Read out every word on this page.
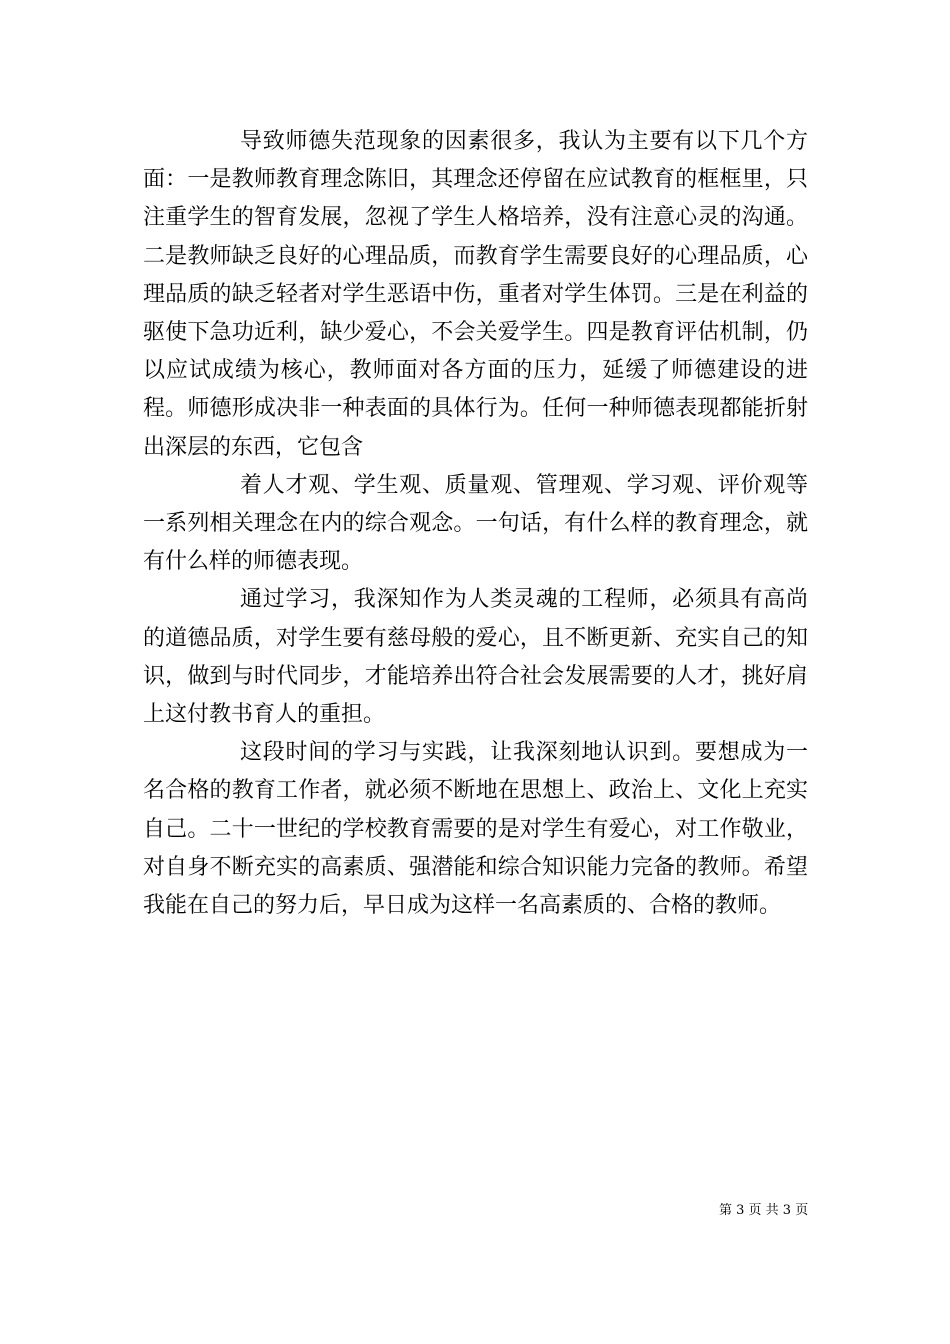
导致师德失范现象的因素很多，我认为主要有以下几个方面：一是教师教育理念陈旧，其理念还停留在应试教育的框框里，只注重学生的智育发展，忽视了学生人格培养，没有注意心灵的沟通。二是教师缺乏良好的心理品质，而教育学生需要良好的心理品质，心理品质的缺乏轻者对学生恶语中伤，重者对学生体罚。三是在利益的驱使下急功近利，缺少爱心，不会关爱学生。四是教育评估机制，仍以应试成绩为核心，教师面对各方面的压力，延缓了师德建设的进程。师德形成决非一种表面的具体行为。任何一种师德表现都能折射出深层的东西，它包含

着人才观、学生观、质量观、管理观、学习观、评价观等一系列相关理念在内的综合观念。一句话，有什么样的教育理念，就有什么样的师德表现。

通过学习，我深知作为人类灵魂的工程师，必须具有高尚的道德品质，对学生要有慈母般的爱心，且不断更新、充实自己的知识，做到与时代同步，才能培养出符合社会发展需要的人才，挑好肩上这付教书育人的重担。

这段时间的学习与实践，让我深刻地认识到。要想成为一名合格的教育工作者，就必须不断地在思想上、政治上、文化上充实自己。二十一世纪的学校教育需要的是对学生有爱心，对工作敬业，对自身不断充实的高素质、强潜能和综合知识能力完备的教师。希望我能在自己的努力后，早日成为这样一名高素质的、合格的教师。

第 3 页 共 3 页
